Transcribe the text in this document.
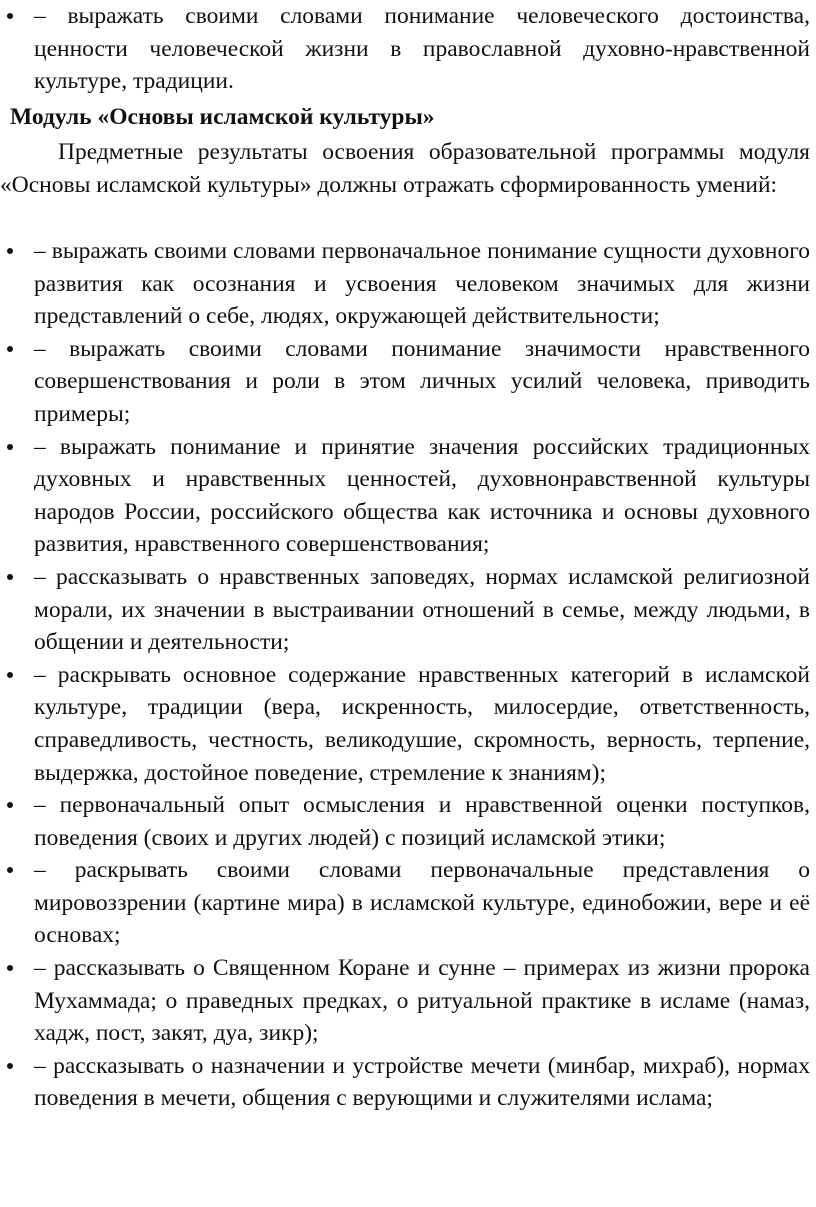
– выражать своими словами понимание человеческого достоинства, ценности человеческой жизни в православной духовно-нравственной культуре, традиции.
Модуль «Основы исламской культуры»

Предметные результаты освоения образовательной программы модуля «Основы исламской культуры» должны отражать сформированность умений:

– выражать своими словами первоначальное понимание сущности духовного развития как осознания и усвоения человеком значимых для жизни представлений о себе, людях, окружающей действительности;
– выражать своими словами понимание значимости нравственного совершенствования и роли в этом личных усилий человека, приводить примеры;
– выражать понимание и принятие значения российских традиционных духовных и нравственных ценностей, духовнонравственной культуры народов России, российского общества как источника и основы духовного развития, нравственного совершенствования;
– рассказывать о нравственных заповедях, нормах исламской религиозной морали, их значении в выстраивании отношений в семье, между людьми, в общении и деятельности;
– раскрывать основное содержание нравственных категорий в исламской культуре, традиции (вера, искренность, милосердие, ответственность, справедливость, честность, великодушие, скромность, верность, терпение, выдержка, достойное поведение, стремление к знаниям);
– первоначальный опыт осмысления и нравственной оценки поступков, поведения (своих и других людей) с позиций исламской этики;
– раскрывать своими словами первоначальные представления о мировоззрении (картине мира) в исламской культуре, единобожии, вере и её основах;
– рассказывать о Священном Коране и сунне – примерах из жизни пророка Мухаммада; о праведных предках, о ритуальной практике в исламе (намаз, хадж, пост, закят, дуа, зикр);
– рассказывать о назначении и устройстве мечети (минбар, михраб), нормах поведения в мечети, общения с верующими и служителями ислама;
